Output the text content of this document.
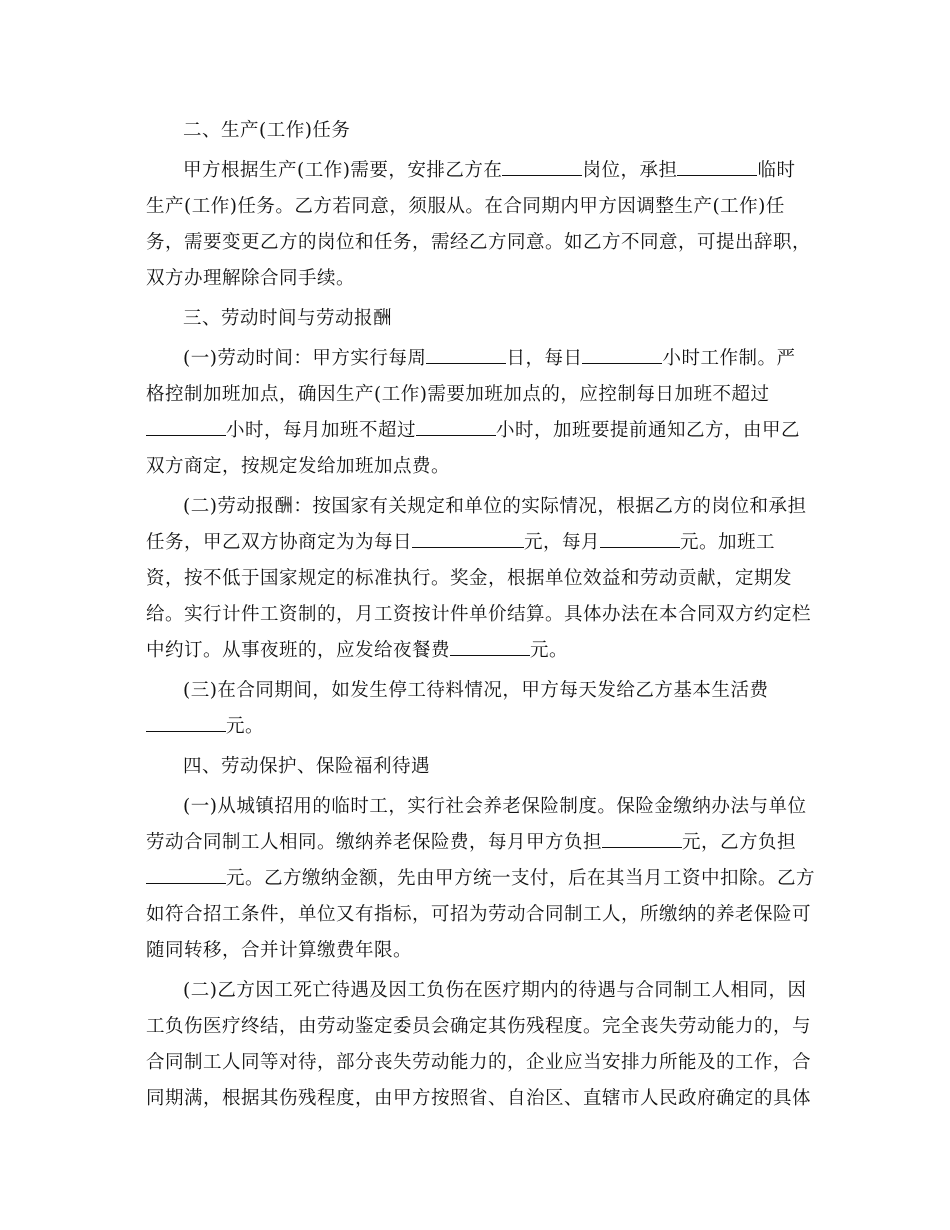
二、生产(工作)任务

甲方根据生产(工作)需要，安排乙方在	岗位，承担	临时
生产(工作)任务。乙方若同意，须服从。在合同期内甲方因调整生产(工作)任
务，需要变更乙方的岗位和任务，需经乙方同意。如乙方不同意，可提出辞职，
双方办理解除合同手续。

三、劳动时间与劳动报酬

(一)劳动时间：甲方实行每周	日，每日	小时工作制。严
格控制加班加点，确因生产(工作)需要加班加点的，应控制每日加班不超过
小时，每月加班不超过	小时，加班要提前通知乙方，由甲乙
双方商定，按规定发给加班加点费。

(二)劳动报酬：按国家有关规定和单位的实际情况，根据乙方的岗位和承担
任务，甲乙双方协商定为为每日	元，每月	元。加班工
资，按不低于国家规定的标准执行。奖金，根据单位效益和劳动贡献，定期发
给。实行计件工资制的，月工资按计件单价结算。具体办法在本合同双方约定栏
中约订。从事夜班的，应发给夜餐费	元。

(三)在合同期间，如发生停工待料情况，甲方每天发给乙方基本生活费
元。

四、劳动保护、保险福利待遇

(一)从城镇招用的临时工，实行社会养老保险制度。保险金缴纳办法与单位
劳动合同制工人相同。缴纳养老保险费，每月甲方负担	元，乙方负担
元。乙方缴纳金额，先由甲方统一支付，后在其当月工资中扣除。乙方
如符合招工条件，单位又有指标，可招为劳动合同制工人，所缴纳的养老保险可
随同转移，合并计算缴费年限。

(二)乙方因工死亡待遇及因工负伤在医疗期内的待遇与合同制工人相同，因
工负伤医疗终结，由劳动鉴定委员会确定其伤残程度。完全丧失劳动能力的，与
合同制工人同等对待，部分丧失劳动能力的，企业应当安排力所能及的工作，合
同期满，根据其伤残程度，由甲方按照省、自治区、直辖市人民政府确定的具体
